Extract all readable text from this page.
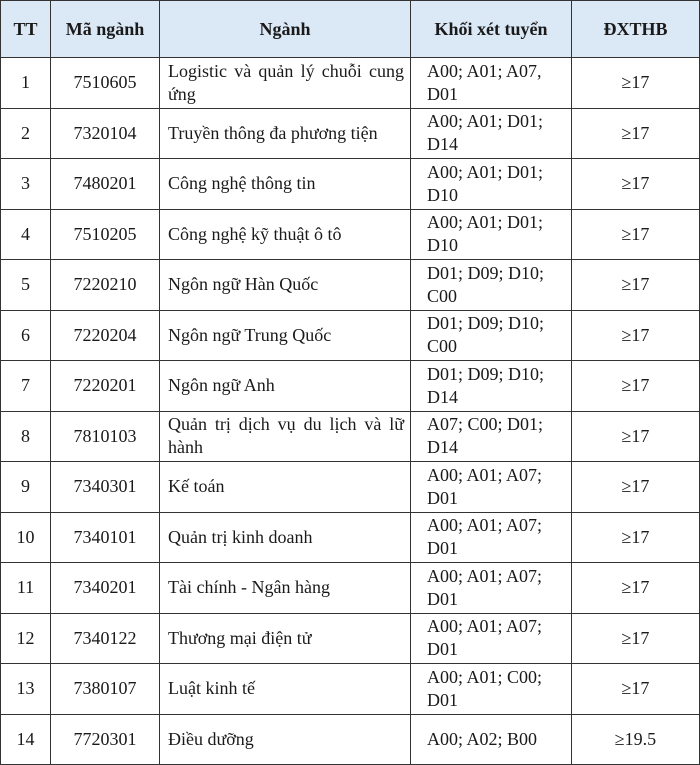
TT	Mã ngành	Ngành	Khối xét tuyển	ĐXTHB
1	7510605	Logistic và quản lý chuỗi cung ứng	A00; A01; A07, D01	≥17
2	7320104	Truyền thông đa phương tiện	A00; A01; D01; D14	≥17
3	7480201	Công nghệ thông tin	A00; A01; D01; D10	≥17
4	7510205	Công nghệ kỹ thuật ô tô	A00; A01; D01; D10	≥17
5	7220210	Ngôn ngữ Hàn Quốc	D01; D09; D10; C00	≥17
6	7220204	Ngôn ngữ Trung Quốc	D01; D09; D10; C00	≥17
7	7220201	Ngôn ngữ Anh	D01; D09; D10; D14	≥17
8	7810103	Quản trị dịch vụ du lịch và lữ hành	A07; C00; D01; D14	≥17
9	7340301	Kế toán	A00; A01; A07; D01	≥17
10	7340101	Quản trị kinh doanh	A00; A01; A07; D01	≥17
11	7340201	Tài chính - Ngân hàng	A00; A01; A07; D01	≥17
12	7340122	Thương mại điện tử	A00; A01; A07; D01	≥17
13	7380107	Luật kinh tế	A00; A01; C00; D01	≥17
14	7720301	Điều dưỡng	A00; A02; B00	≥19.5
